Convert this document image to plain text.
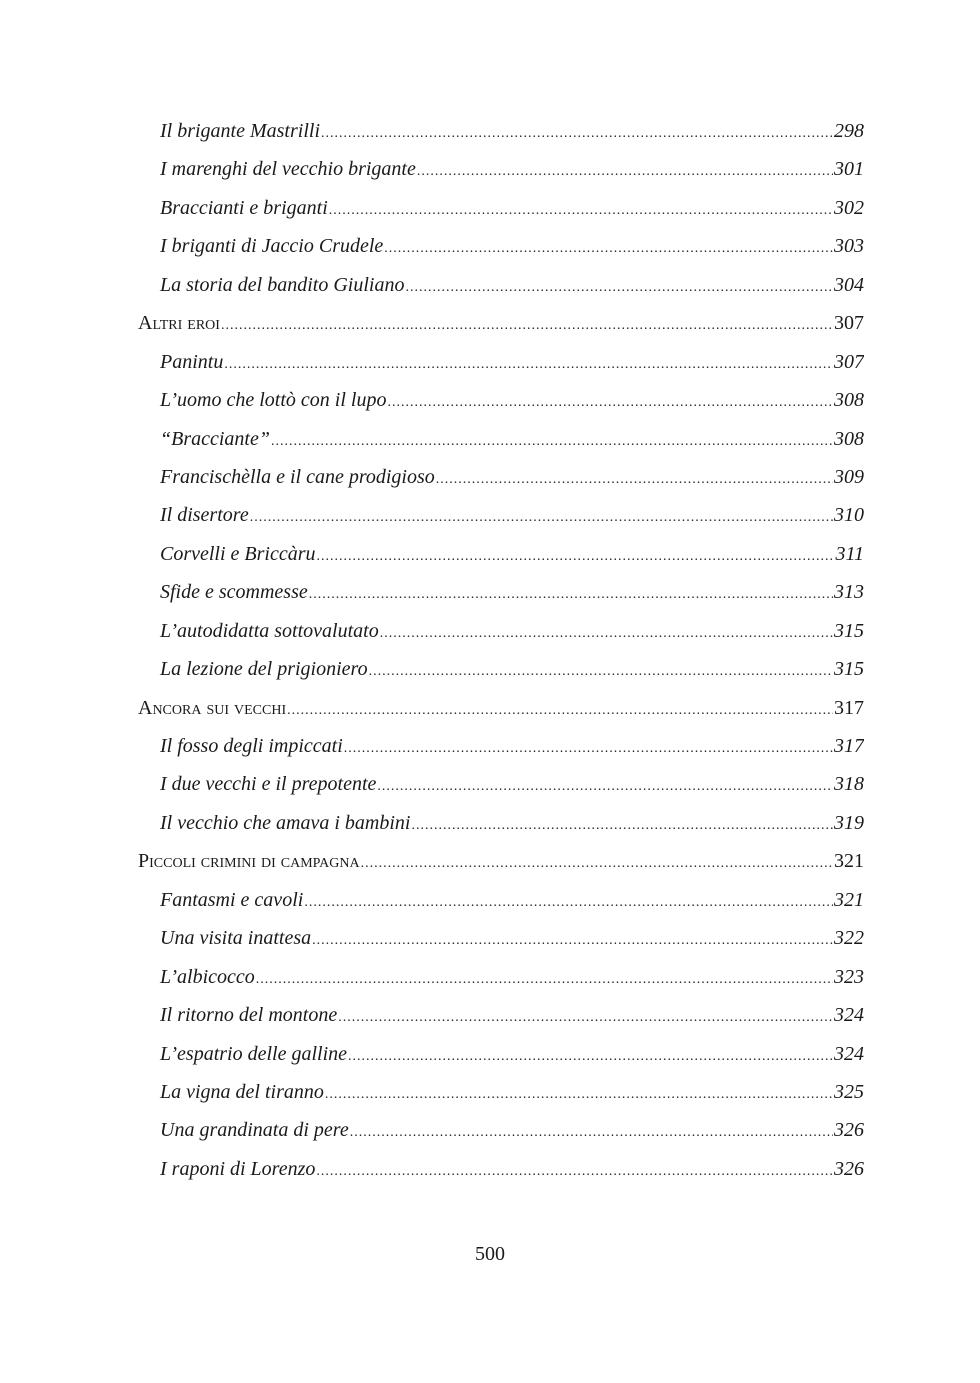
Il brigante Mastrilli .....	298
I marenghi del vecchio brigante .....	301
Braccianti e briganti .....	302
I briganti di Jaccio Crudele .....	303
La storia del bandito Giuliano .....	304
Altri eroi .....	307
Panintu .....	307
L’uomo che lottò con il lupo .....	308
“Bracciante” .....	308
Francischèlla e il cane prodigioso .....	309
Il disertore .....	310
Corvelli e Briccàru .....	311
Sfide e scommesse .....	313
L’autodidatta sottovalutato .....	315
La lezione del prigioniero .....	315
Ancora sui vecchi .....	317
Il fosso degli impiccati .....	317
I due vecchi e il prepotente .....	318
Il vecchio che amava i bambini .....	319
Piccoli crimini di campagna .....	321
Fantasmi e cavoli .....	321
Una visita inattesa .....	322
L’albicocco .....	323
Il ritorno del montone .....	324
L’espatrio delle galline .....	324
La vigna del tiranno .....	325
Una grandinata di pere .....	326
I raponi di Lorenzo .....	326
500
